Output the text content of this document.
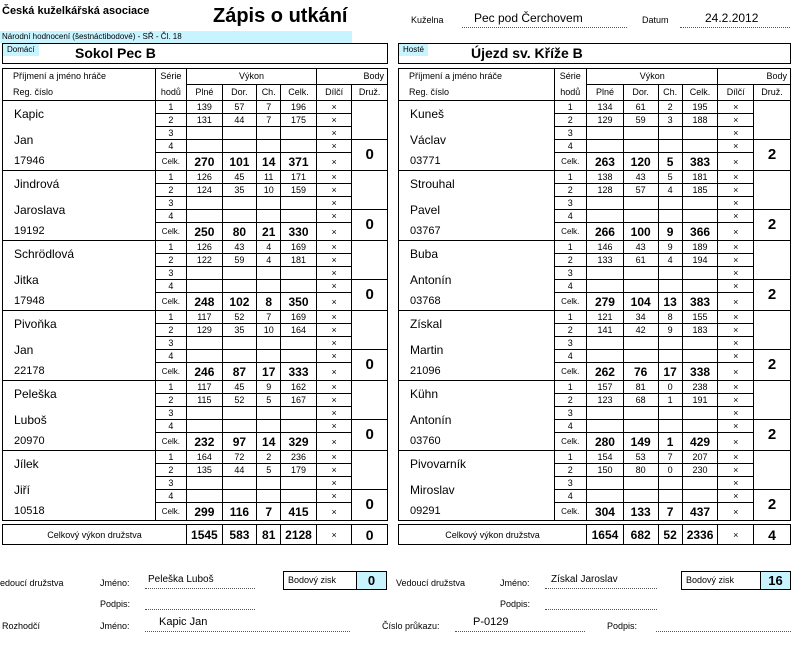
Česká kuželkářská asociace	Zápis o utkání
Národní hodnocení (šestnáctibodové) - SŘ - Čl. 18
Kuželna	Pec pod Čerchovem	Datum	24.2.2012
Domácí	Sokol Pec B	Hosté	Újezd sv. Kříže B
Příjmení a jméno hráče	Série	Výkon				Body	
Reg. číslo	hodů	Plné	Dor.	Ch.	Celk.	Dílčí	Druž.
Kapic	1	139	57	7	196	×	
	2	131	44	7	175	×	
Jan	3					×	
	4					×	0
17946	Celk.	270	101	14	371	×	
Jindrová	1	126	45	11	171	×	
	2	124	35	10	159	×	
Jaroslava	3					×	
	4					×	0
19192	Celk.	250	80	21	330	×	
Schrödlová	1	126	43	4	169	×	
	2	122	59	4	181	×	
Jitka	3					×	
	4					×	0
17948	Celk.	248	102	8	350	×	
Pivoňka	1	117	52	7	169	×	
	2	129	35	10	164	×	
Jan	3					×	
	4					×	0
22178	Celk.	246	87	17	333	×	
Peleška	1	117	45	9	162	×	
	2	115	52	5	167	×	
Luboš	3					×	
	4					×	0
20970	Celk.	232	97	14	329	×	
Jílek	1	164	72	2	236	×	
	2	135	44	5	179	×	
Jiří	3					×	
	4					×	0
10518	Celk.	299	116	7	415	×	

Celkový výkon družstva		1545	583	81	2128	×	0
Příjmení a jméno hráče	Série	Výkon				Body	
Reg. číslo	hodů	Plné	Dor.	Ch.	Celk.	Dílčí	Druž.
Kuneš	1	134	61	2	195	×	
	2	129	59	3	188	×	
Václav	3					×	
	4					×	2
03771	Celk.	263	120	5	383	×	
Strouhal	1	138	43	5	181	×	
	2	128	57	4	185	×	
Pavel	3					×	
	4					×	2
03767	Celk.	266	100	9	366	×	
Buba	1	146	43	9	189	×	
	2	133	61	4	194	×	
Antonín	3					×	
	4					×	2
03768	Celk.	279	104	13	383	×	
Získal	1	121	34	8	155	×	
	2	141	42	9	183	×	
Martin	3					×	
	4					×	2
21096	Celk.	262	76	17	338	×	
Kühn	1	157	81	0	238	×	
	2	123	68	1	191	×	
Antonín	3					×	
	4					×	2
03760	Celk.	280	149	1	429	×	
Pivovarník	1	154	53	7	207	×	
	2	150	80	0	230	×	
Miroslav	3					×	
	4					×	2
09291	Celk.	304	133	7	437	×	

Celkový výkon družstva		1654	682	52	2336	×	4
edoucí družstva	Jméno:	Peleška Luboš	Bodový zisk	0
Podpis:
Vedoucí družstva	Jméno:	Získal Jaroslav	Bodový zisk	16
Podpis:
Rozhodčí	Jméno:	Kapic Jan	Číslo průkazu:	P-0129	Podpis:
